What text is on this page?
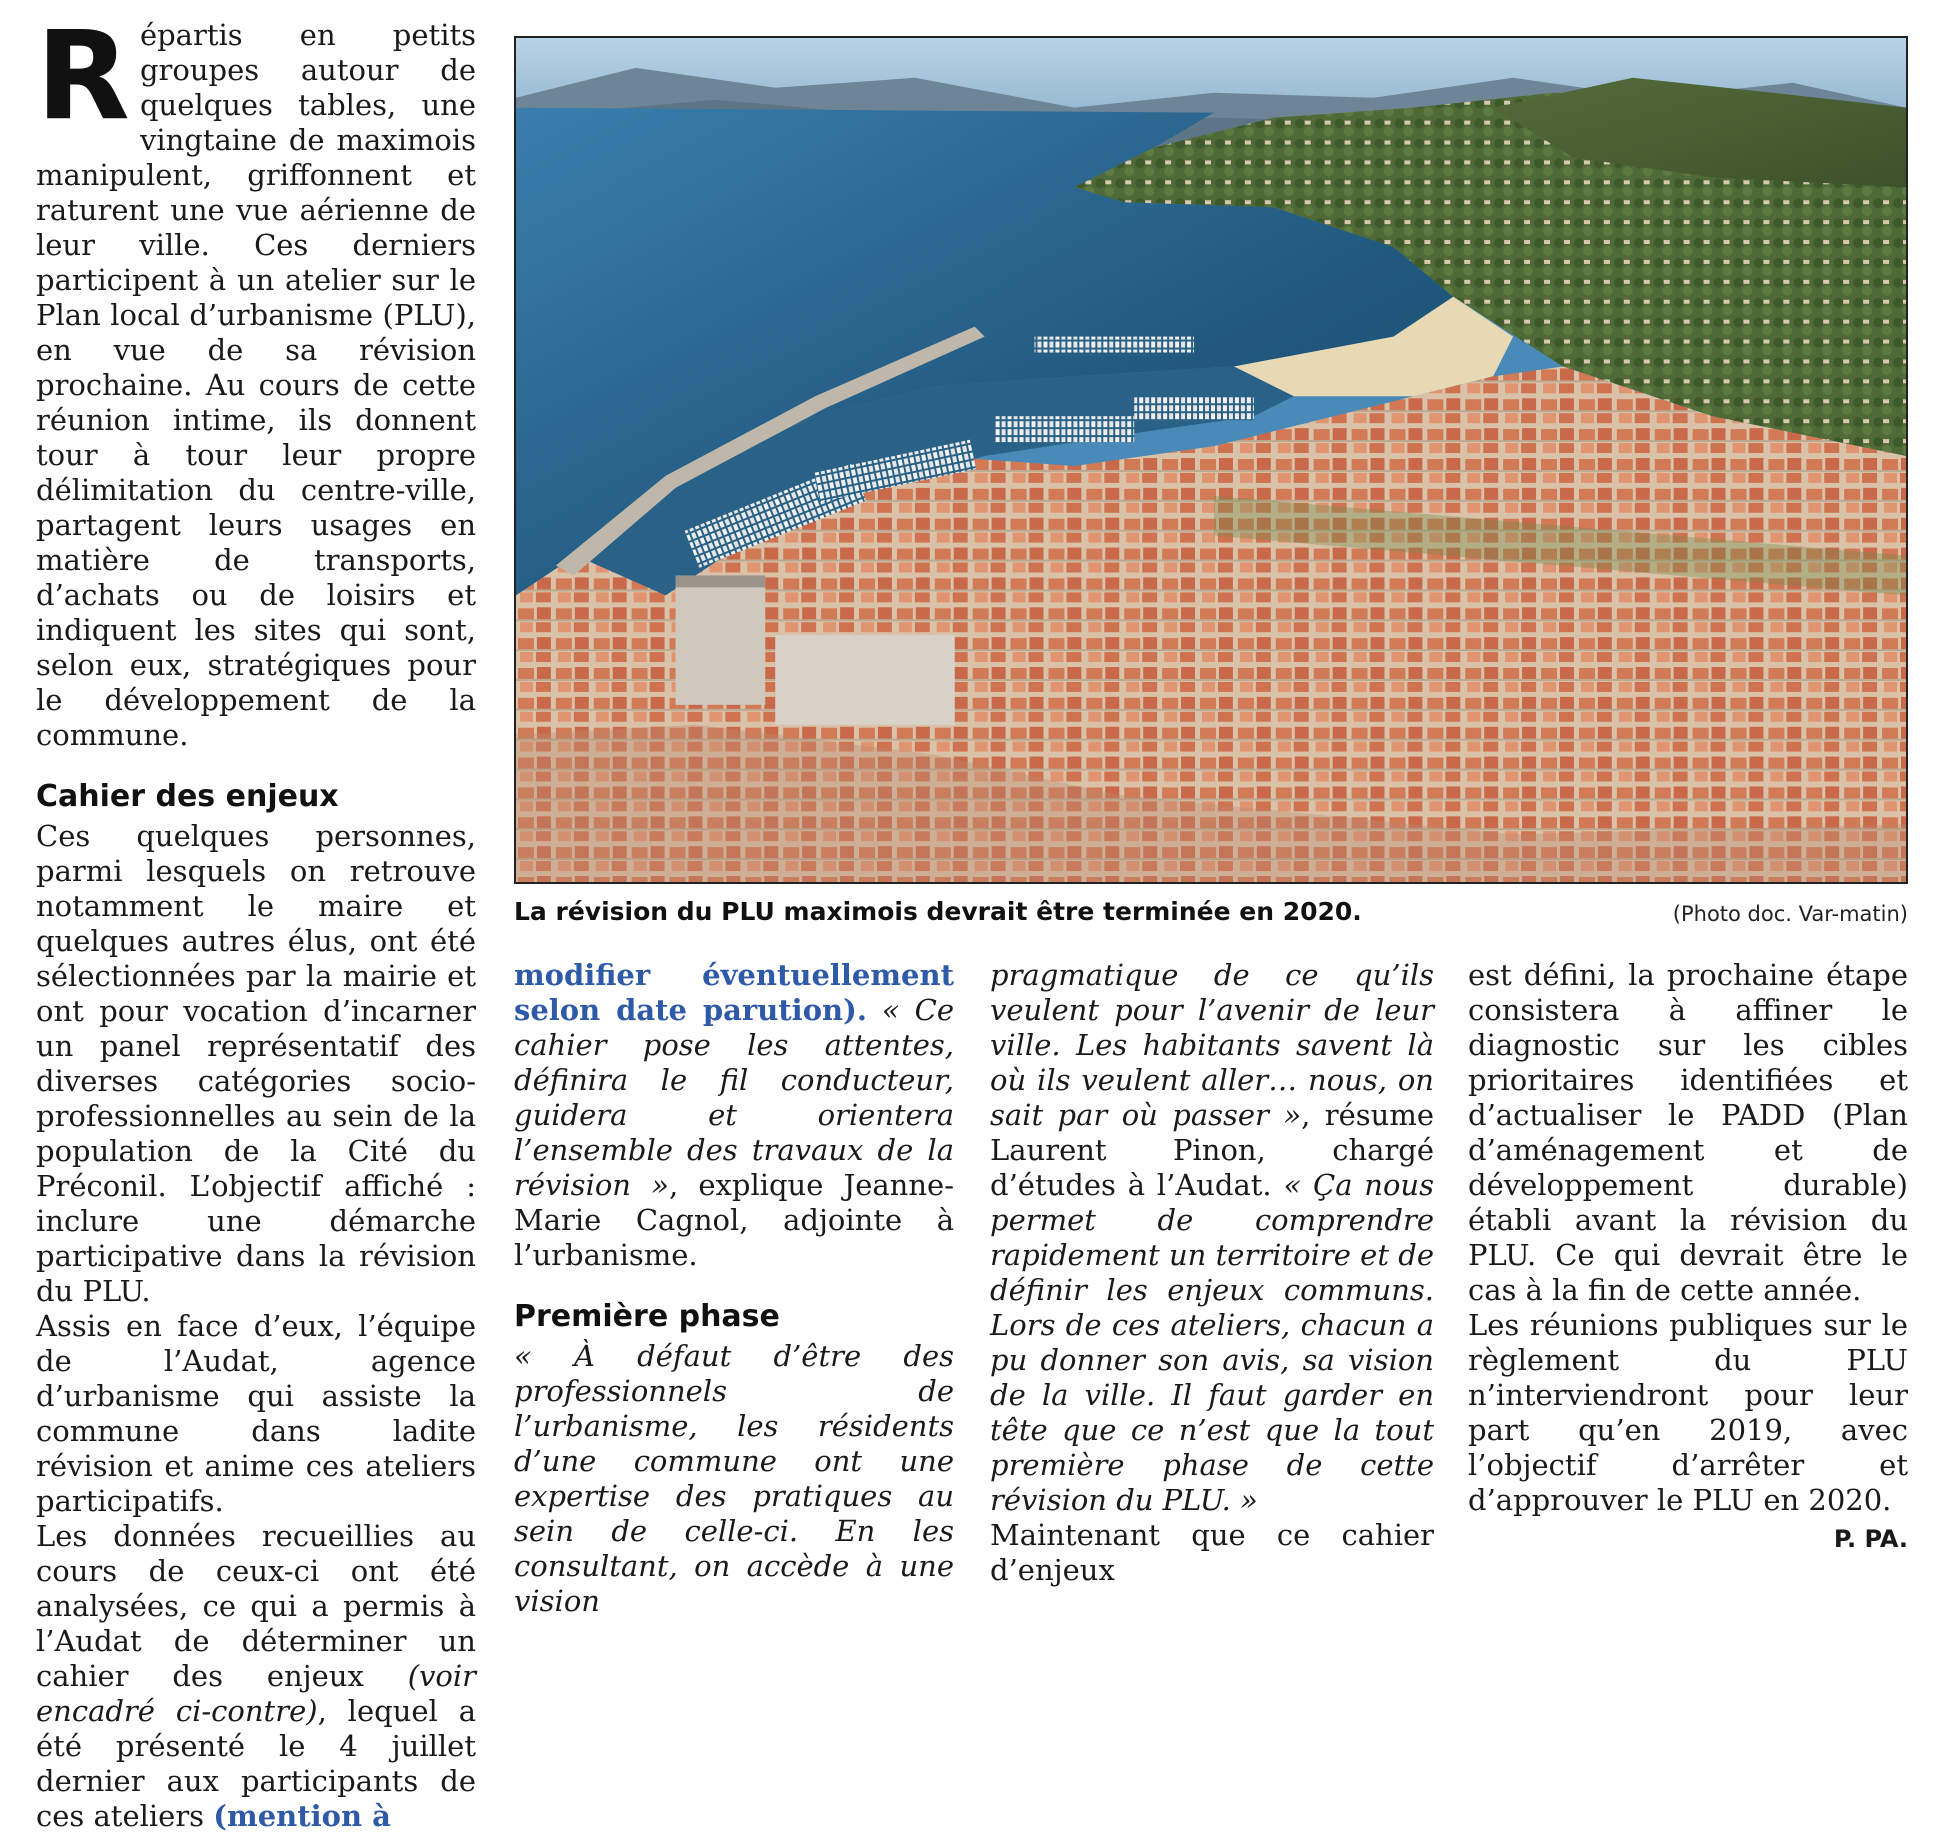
Répartis en petits groupes autour de quelques tables, une vingtaine de maximois manipulent, griffonnent et raturent une vue aérienne de leur ville. Ces derniers participent à un atelier sur le Plan local d’urbanisme (PLU), en vue de sa révision prochaine. Au cours de cette réunion intime, ils donnent tour à tour leur propre délimitation du centre-ville, partagent leurs usages en matière de transports, d’achats ou de loisirs et indiquent les sites qui sont, selon eux, stratégiques pour le développement de la commune.

Cahier des enjeux

Ces quelques personnes, parmi lesquels on retrouve notamment le maire et quelques autres élus, ont été sélectionnées par la mairie et ont pour vocation d’incarner un panel représentatif des diverses catégories socio-professionnelles au sein de la population de la Cité du Préconil. L’objectif affiché : inclure une démarche participative dans la révision du PLU.

Assis en face d’eux, l’équipe de l’Audat, agence d’urbanisme qui assiste la commune dans ladite révision et anime ces ateliers participatifs.

Les données recueillies au cours de ceux-ci ont été analysées, ce qui a permis à l’Audat de déterminer un cahier des enjeux (voir encadré ci-contre), lequel a été présenté le 4 juillet dernier aux participants de ces ateliers (mention à

La révision du PLU maximois devrait être terminée en 2020.	(Photo doc. Var-matin)

modifier éventuellement selon date parution). « Ce cahier pose les attentes, définira le fil conducteur, guidera et orientera l’ensemble des travaux de la révision », explique Jeanne-Marie Cagnol, adjointe à l’urbanisme.

Première phase

« À défaut d’être des professionnels de l’urbanisme, les résidents d’une commune ont une expertise des pratiques au sein de celle-ci. En les consultant, on accède à une vision

pragmatique de ce qu’ils veulent pour l’avenir de leur ville. Les habitants savent là où ils veulent aller… nous, on sait par où passer », résume Laurent Pinon, chargé d’études à l’Audat. « Ça nous permet de comprendre rapidement un territoire et de définir les enjeux communs. Lors de ces ateliers, chacun a pu donner son avis, sa vision de la ville. Il faut garder en tête que ce n’est que la tout première phase de cette révision du PLU. »

Maintenant que ce cahier d’enjeux

est défini, la prochaine étape consistera à affiner le diagnostic sur les cibles prioritaires identifiées et d’actualiser le PADD (Plan d’aménagement et de développement durable) établi avant la révision du PLU. Ce qui devrait être le cas à la fin de cette année.

Les réunions publiques sur le règlement du PLU n’interviendront pour leur part qu’en 2019, avec l’objectif d’arrêter et d’approuver le PLU en 2020.

P. PA.
